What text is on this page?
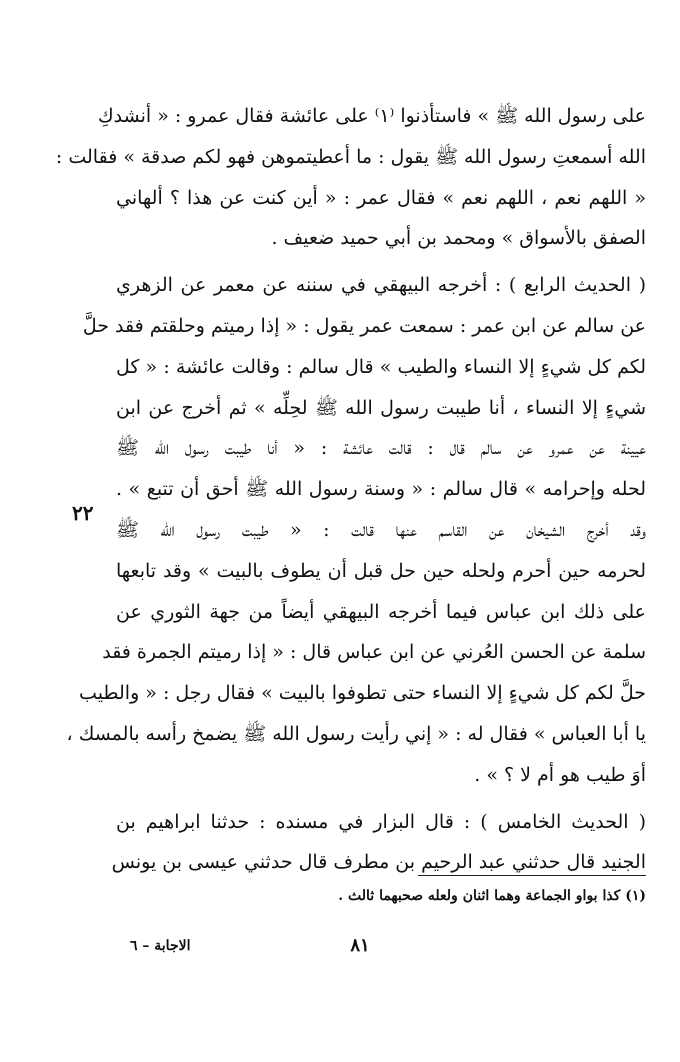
على رسول الله ﷺ » فاستأذنوا ⁽١⁾ على عائشة فقال عمرو : « أنشدكِ
الله أسمعتِ رسول الله ﷺ يقول : ما أعطيتموهن فهو لكم صدقة » فقالت :
« اللهم نعم ، اللهم نعم » فقال عمر : « أين كنت عن هذا ؟ ألهاني
الصفق بالأسواق » ومحمد بن أبي حميد ضعيف .
( الحديث الرابع ) : أخرجه البيهقي في سننه عن معمر عن الزهري
عن سالم عن ابن عمر : سمعت عمر يقول : « إذا رميتم وحلقتم فقد حلَّ
لكم كل شيءٍ إلا النساء والطيب » قال سالم : وقالت عائشة : « كل
شيءٍ إلا النساء ، أنا طيبت رسول الله ﷺ لحِلِّه » ثم أخرج عن ابن
عيينة عن عمرو عن سالم قال : قالت عائشة : « أنا طيبت رسول الله ﷺ
لحله وإحرامه » قال سالم : « وسنة رسول الله ﷺ أحق أن تتبع » .
وقد أخرج الشيخان عن القاسم عنها قالت : « طيبت رسول الله ﷺ
لحرمه حين أحرم ولحله حين حل قبل أن يطوف بالبيت » وقد تابعها
على ذلك ابن عباس فيما أخرجه البيهقي أيضاً من جهة الثوري عن
سلمة عن الحسن العُرني عن ابن عباس قال : « إذا رميتم الجمرة فقد
حلَّ لكم كل شيءٍ إلا النساء حتى تطوفوا بالبيت » فقال رجل : « والطيب
يا أبا العباس » فقال له : « إني رأيت رسول الله ﷺ يضمخ رأسه بالمسك ،
أوَ طيب هو أم لا ؟ » .
( الحديث الخامس ) : قال البزار في مسنده : حدثنا ابراهيم بن
الجنيد قال حدثني عبد الرحيم بن مطرف قال حدثني عيسى بن يونس
٢٢
(١) كذا بواو الجماعة وهما اثنان ولعله صحبهما ثالث .
٨١
الاجابة – ٦
